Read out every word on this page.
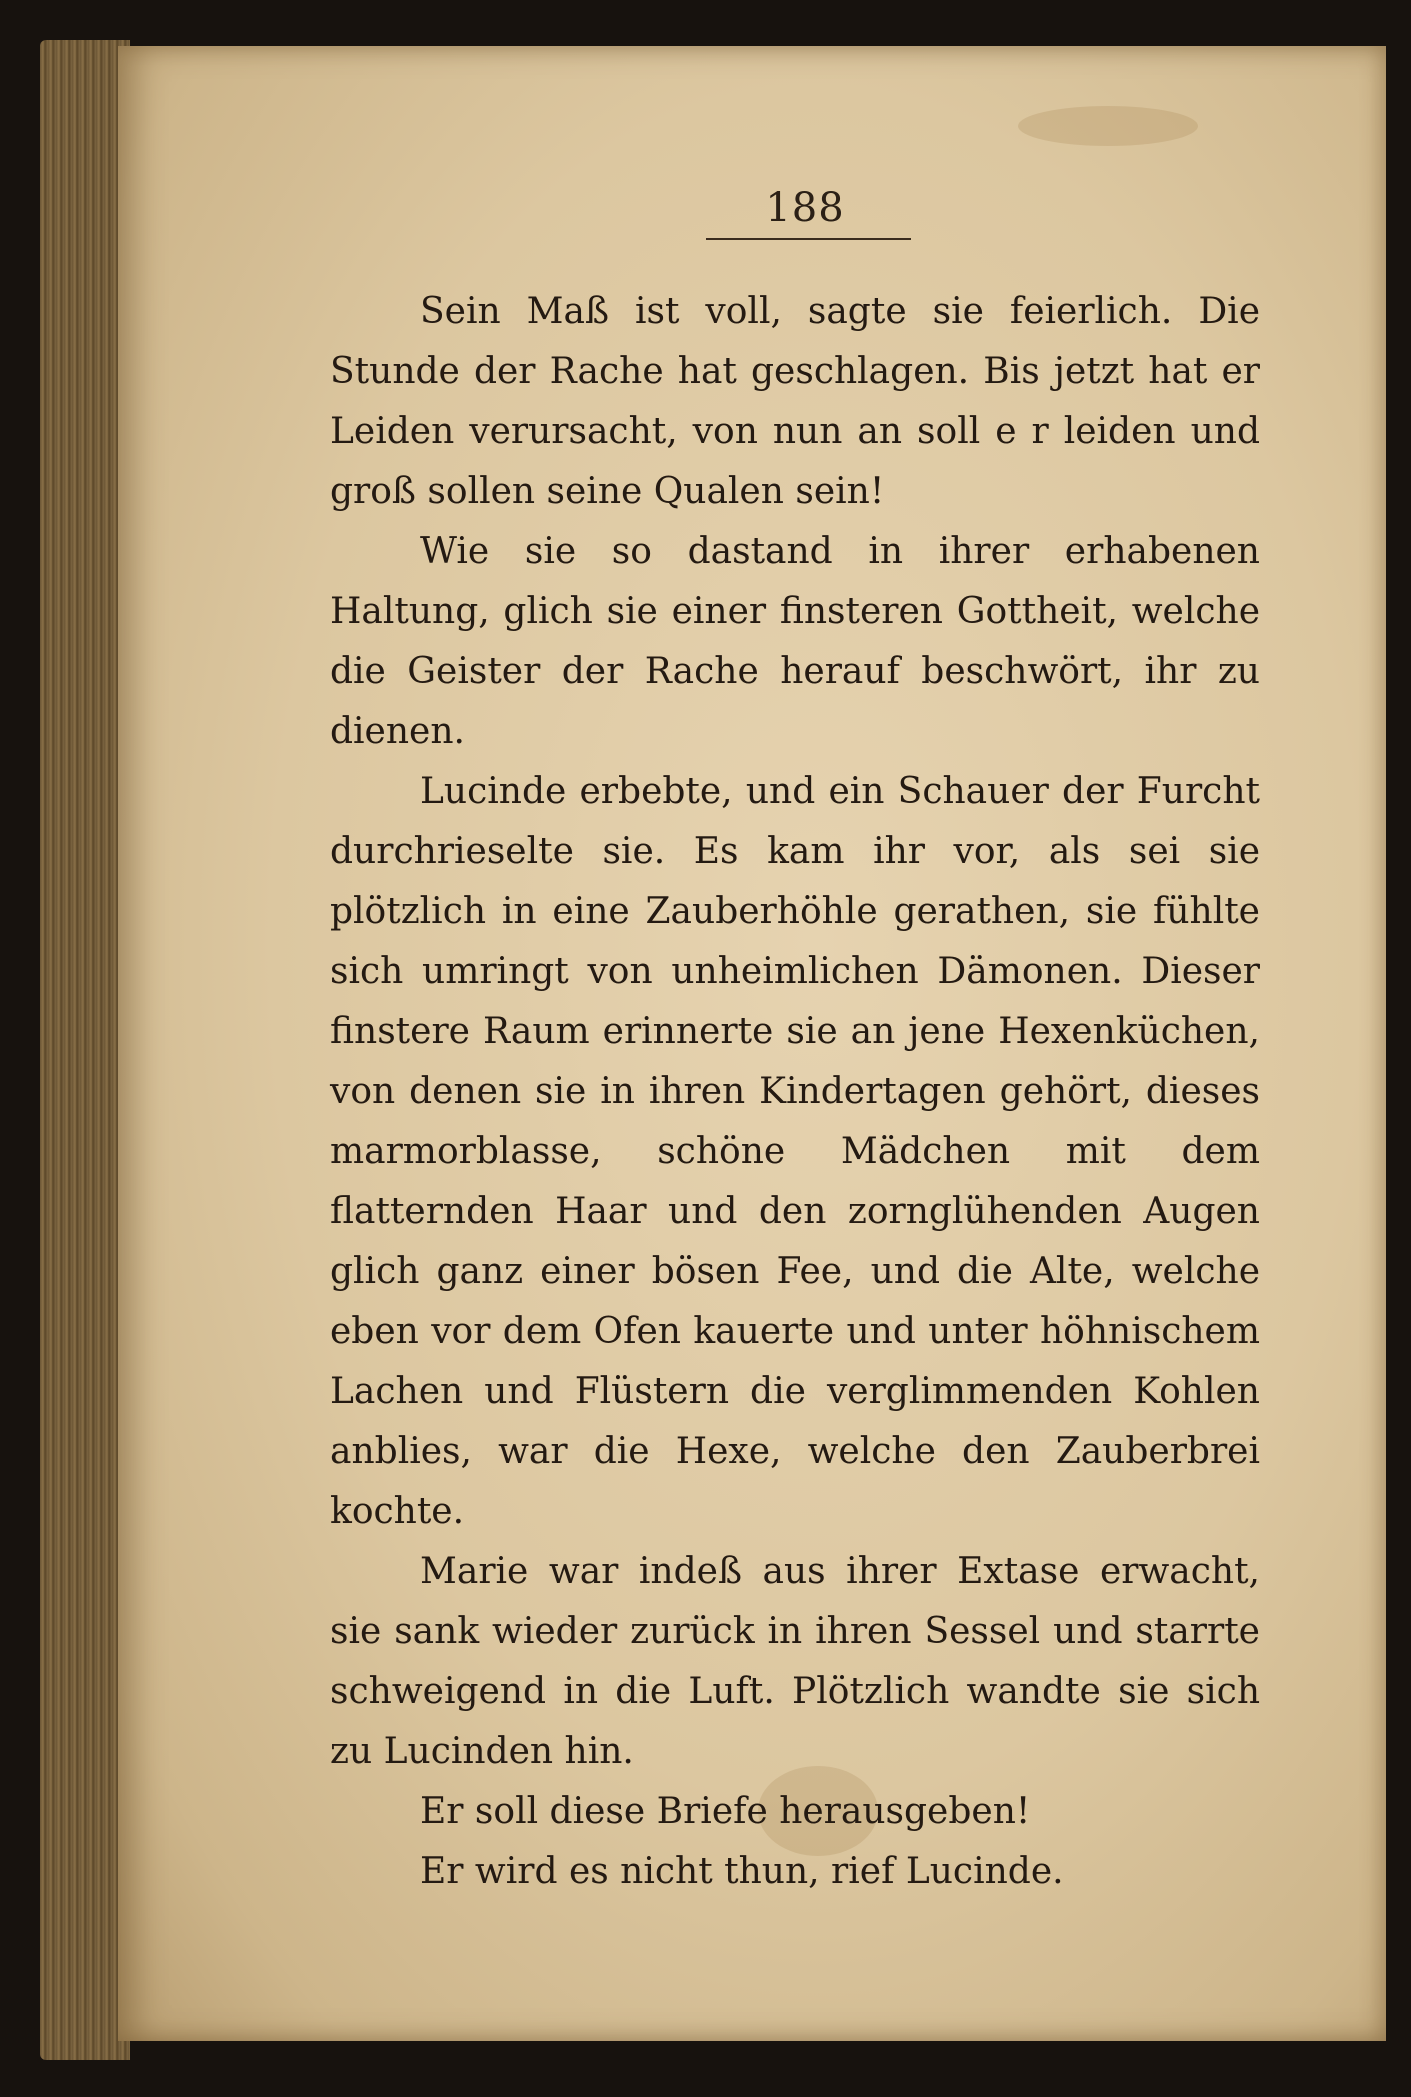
188

Sein Maß ist voll, sagte sie feierlich. Die Stunde der Rache hat geschlagen. Bis jetzt hat er Leiden verursacht, von nun an soll e r leiden und groß sollen seine Qualen sein!

Wie sie so dastand in ihrer erhabenen Haltung, glich sie einer finsteren Gottheit, welche die Geister der Rache herauf beschwört, ihr zu dienen.

Lucinde erbebte, und ein Schauer der Furcht durchrieselte sie. Es kam ihr vor, als sei sie plötzlich in eine Zauberhöhle gerathen, sie fühlte sich umringt von unheimlichen Dämonen. Dieser finstere Raum erinnerte sie an jene Hexenküchen, von denen sie in ihren Kindertagen gehört, dieses marmorblasse, schöne Mädchen mit dem flatternden Haar und den zornglühenden Augen glich ganz einer bösen Fee, und die Alte, welche eben vor dem Ofen kauerte und unter höhnischem Lachen und Flüstern die verglimmenden Kohlen anblies, war die Hexe, welche den Zauberbrei kochte.

Marie war indeß aus ihrer Extase erwacht, sie sank wieder zurück in ihren Sessel und starrte schweigend in die Luft. Plötzlich wandte sie sich zu Lucinden hin.

Er soll diese Briefe herausgeben!

Er wird es nicht thun, rief Lucinde.
